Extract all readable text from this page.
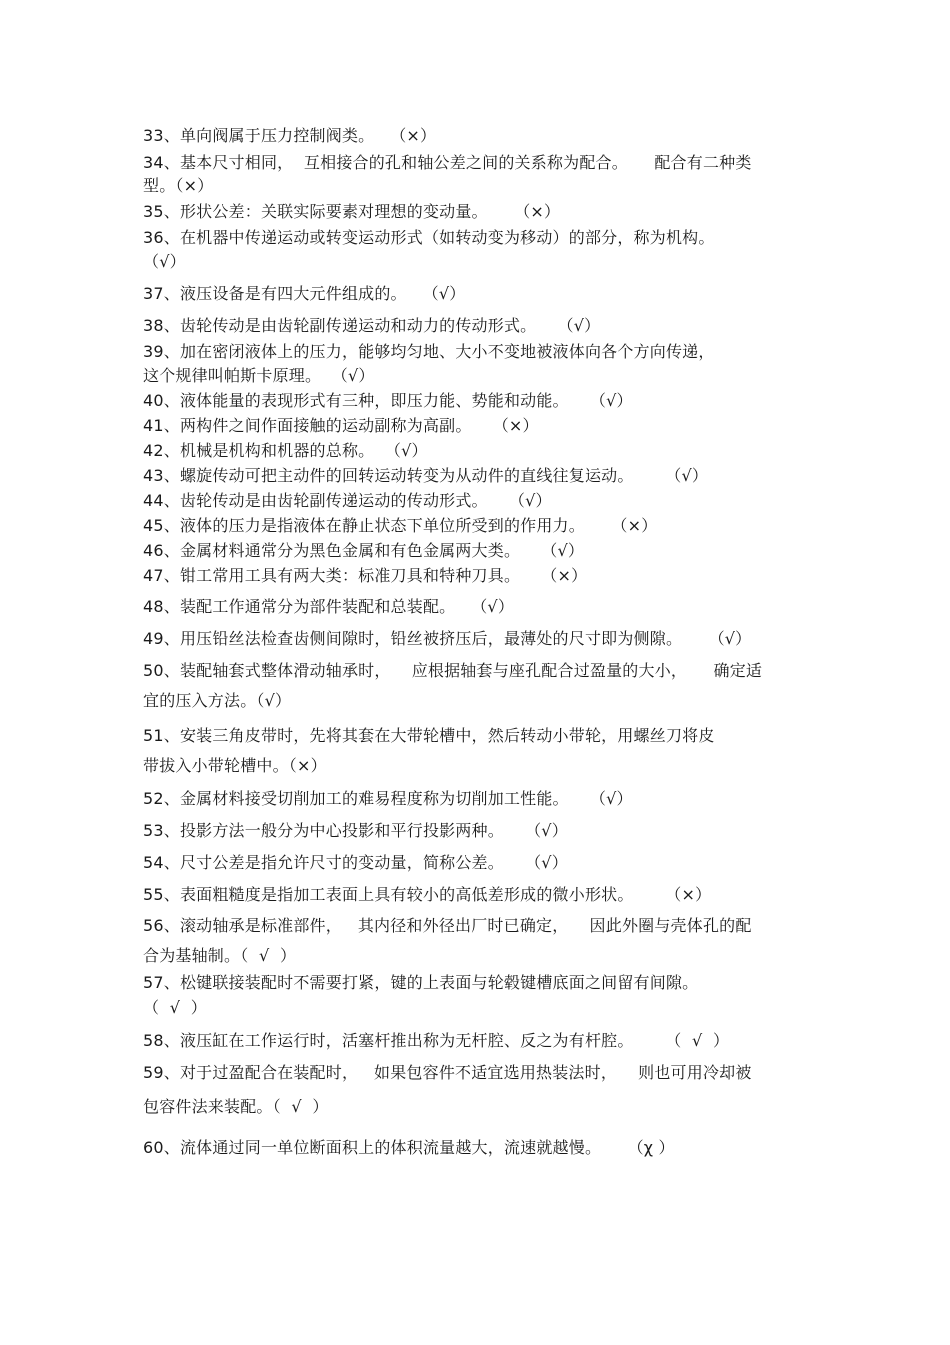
33、单向阀属于压力控制阀类。   （×）
34、基本尺寸相同，  互相接合的孔和轴公差之间的关系称为配合。     配合有二种类
型。（×）
35、形状公差：关联实际要素对理想的变动量。     （×）
36、在机器中传递运动或转变运动形式（如转动变为移动）的部分，称为机构。
（√）
37、液压设备是有四大元件组成的。   （√）
38、齿轮传动是由齿轮副传递运动和动力的传动形式。    （√）
39、加在密闭液体上的压力，能够均匀地、大小不变地被液体向各个方向传递，
这个规律叫帕斯卡原理。  （√）
40、液体能量的表现形式有三种，即压力能、势能和动能。    （√）
41、两构件之间作面接触的运动副称为高副。    （×）
42、机械是机构和机器的总称。  （√）
43、螺旋传动可把主动件的回转运动转变为从动件的直线往复运动。      （√）
44、齿轮传动是由齿轮副传递运动的传动形式。    （√）
45、液体的压力是指液体在静止状态下单位所受到的作用力。     （×）
46、金属材料通常分为黑色金属和有色金属两大类。    （√）
47、钳工常用工具有两大类：标准刀具和特种刀具。    （×）
48、装配工作通常分为部件装配和总装配。   （√）
49、用压铅丝法检查齿侧间隙时，铅丝被挤压后，最薄处的尺寸即为侧隙。     （√）
50、装配轴套式整体滑动轴承时，    应根据轴套与座孔配合过盈量的大小，     确定适
宜的压入方法。（√）
51、安装三角皮带时，先将其套在大带轮槽中，然后转动小带轮，用螺丝刀将皮
带拔入小带轮槽中。（×）
52、金属材料接受切削加工的难易程度称为切削加工性能。    （√）
53、投影方法一般分为中心投影和平行投影两种。    （√）
54、尺寸公差是指允许尺寸的变动量，简称公差。    （√）
55、表面粗糙度是指加工表面上具有较小的高低差形成的微小形状。      （×）
56、滚动轴承是标准部件，   其内径和外径出厂时已确定，    因此外圈与壳体孔的配
合为基轴制。（  √  ）
57、松键联接装配时不需要打紧，键的上表面与轮毂键槽底面之间留有间隙。
（  √  ）
58、液压缸在工作运行时，活塞杆推出称为无杆腔、反之为有杆腔。      （  √  ）
59、对于过盈配合在装配时，   如果包容件不适宜选用热装法时，    则也可用冷却被
包容件法来装配。（  √  ）
60、流体通过同一单位断面积上的体积流量越大，流速就越慢。     （χ ）
